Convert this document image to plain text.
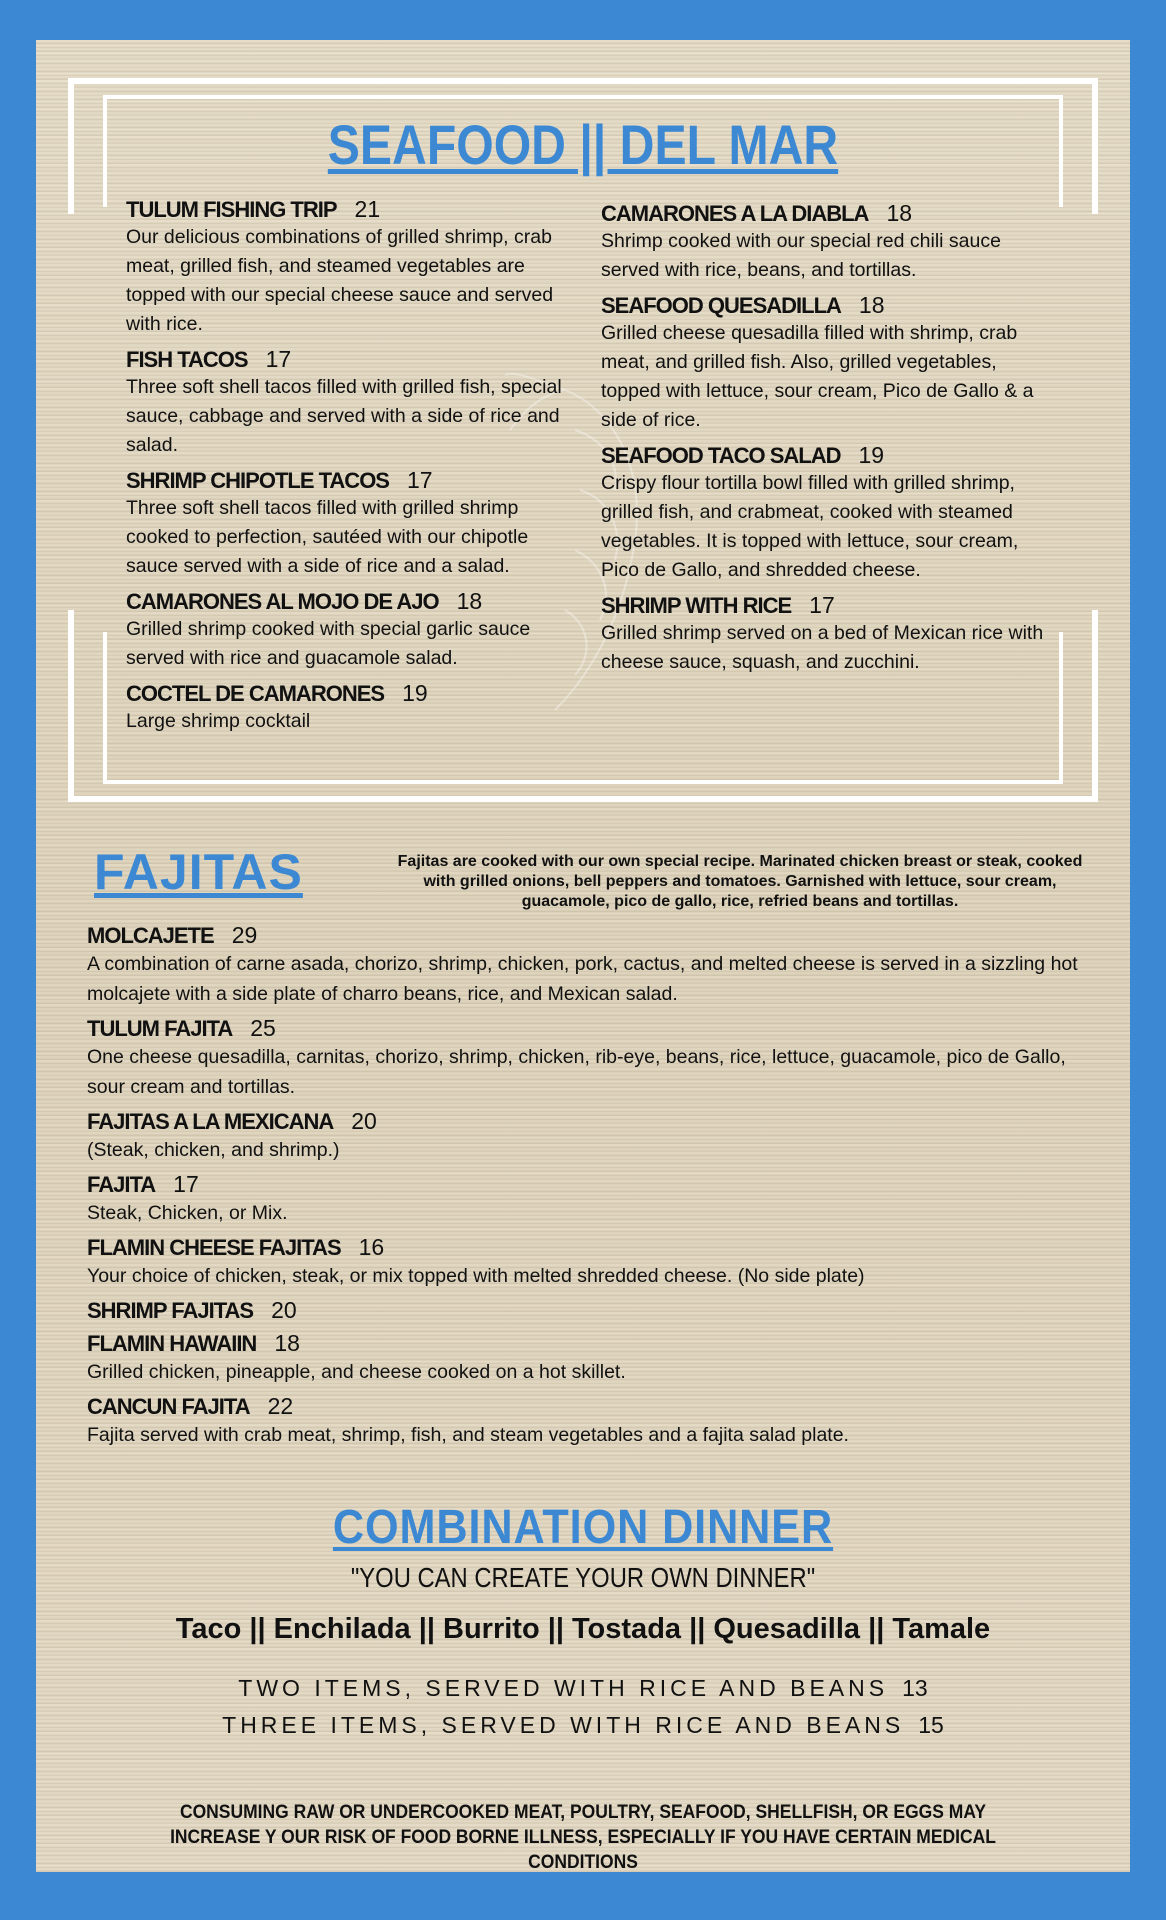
SEAFOOD || DEL MAR
TULUM FISHING TRIP 21
Our delicious combinations of grilled shrimp, crab meat, grilled fish, and steamed vegetables are topped with our special cheese sauce and served with rice.
FISH TACOS 17
Three soft shell tacos filled with grilled fish, special sauce, cabbage and served with a side of rice and salad.
SHRIMP CHIPOTLE TACOS 17
Three soft shell tacos filled with grilled shrimp cooked to perfection, sautéed with our chipotle sauce served with a side of rice and a salad.
CAMARONES AL MOJO DE AJO 18
Grilled shrimp cooked with special garlic sauce served with rice and guacamole salad.
COCTEL DE CAMARONES 19
Large shrimp cocktail
CAMARONES A LA DIABLA 18
Shrimp cooked with our special red chili sauce served with rice, beans, and tortillas.
SEAFOOD QUESADILLA 18
Grilled cheese quesadilla filled with shrimp, crab meat, and grilled fish. Also, grilled vegetables, topped with lettuce, sour cream, Pico de Gallo & a side of rice.
SEAFOOD TACO SALAD 19
Crispy flour tortilla bowl filled with grilled shrimp, grilled fish, and crabmeat, cooked with steamed vegetables. It is topped with lettuce, sour cream, Pico de Gallo, and shredded cheese.
SHRIMP WITH RICE 17
Grilled shrimp served on a bed of Mexican rice with cheese sauce, squash, and zucchini.
FAJITAS	Fajitas are cooked with our own special recipe. Marinated chicken breast or steak, cooked with grilled onions, bell peppers and tomatoes. Garnished with lettuce, sour cream, guacamole, pico de gallo, rice, refried beans and tortillas.
MOLCAJETE 29
A combination of carne asada, chorizo, shrimp, chicken, pork, cactus, and melted cheese is served in a sizzling hot molcajete with a side plate of charro beans, rice, and Mexican salad.
TULUM FAJITA 25
One cheese quesadilla, carnitas, chorizo, shrimp, chicken, rib-eye, beans, rice, lettuce, guacamole, pico de Gallo, sour cream and tortillas.
FAJITAS A LA MEXICANA 20
(Steak, chicken, and shrimp.)
FAJITA 17
Steak, Chicken, or Mix.
FLAMIN CHEESE FAJITAS 16
Your choice of chicken, steak, or mix topped with melted shredded cheese. (No side plate)
SHRIMP FAJITAS 20
FLAMIN HAWAIIN 18
Grilled chicken, pineapple, and cheese cooked on a hot skillet.
CANCUN FAJITA 22
Fajita served with crab meat, shrimp, fish, and steam vegetables and a fajita salad plate.
COMBINATION DINNER
"YOU CAN CREATE YOUR OWN DINNER"
Taco || Enchilada || Burrito || Tostada || Quesadilla || Tamale
TWO ITEMS, SERVED WITH RICE AND BEANS 13
THREE ITEMS, SERVED WITH RICE AND BEANS 15
CONSUMING RAW OR UNDERCOOKED MEAT, POULTRY, SEAFOOD, SHELLFISH, OR EGGS MAY INCREASE Y OUR RISK OF FOOD BORNE ILLNESS, ESPECIALLY IF YOU HAVE CERTAIN MEDICAL CONDITIONS
